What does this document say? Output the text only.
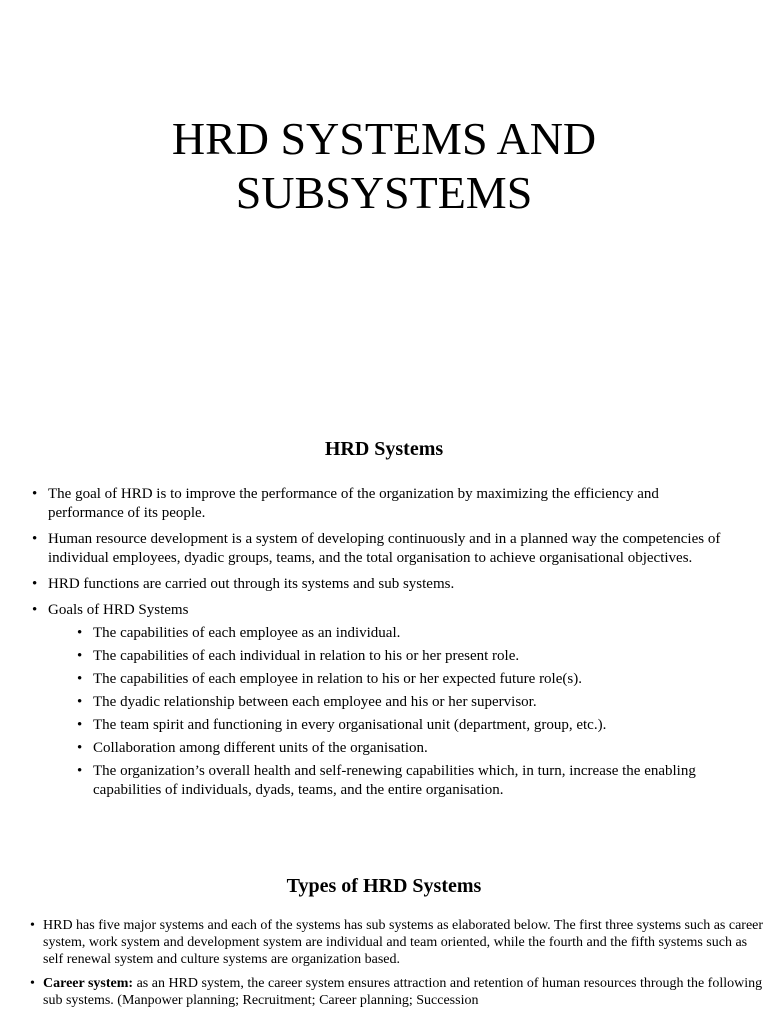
HRD SYSTEMS AND
SUBSYSTEMS
HRD Systems
• The goal of HRD is to improve the performance of the organization by maximizing the efficiency and performance of its people.
• Human resource development is a system of developing continuously and in a planned way the competencies of individual employees, dyadic groups, teams, and the total organisation to achieve organisational objectives.
• HRD functions are carried out through its systems and sub systems.
• Goals of HRD Systems
• The capabilities of each employee as an individual.
• The capabilities of each individual in relation to his or her present role.
• The capabilities of each employee in relation to his or her expected future role(s).
• The dyadic relationship between each employee and his or her supervisor.
• The team spirit and functioning in every organisational unit (department, group, etc.).
• Collaboration among different units of the organisation.
• The organization’s overall health and self-renewing capabilities which, in turn, increase the enabling capabilities of individuals, dyads, teams, and the entire organisation.
Types of HRD Systems
• HRD has five major systems and each of the systems has sub systems as elaborated below. The first three systems such as career system, work system and development system are individual and team oriented, while the fourth and the fifth systems such as self renewal system and culture systems are organization based.
• Career system: as an HRD system, the career system ensures attraction and retention of human resources through the following sub systems. (Manpower planning; Recruitment; Career planning; Succession
